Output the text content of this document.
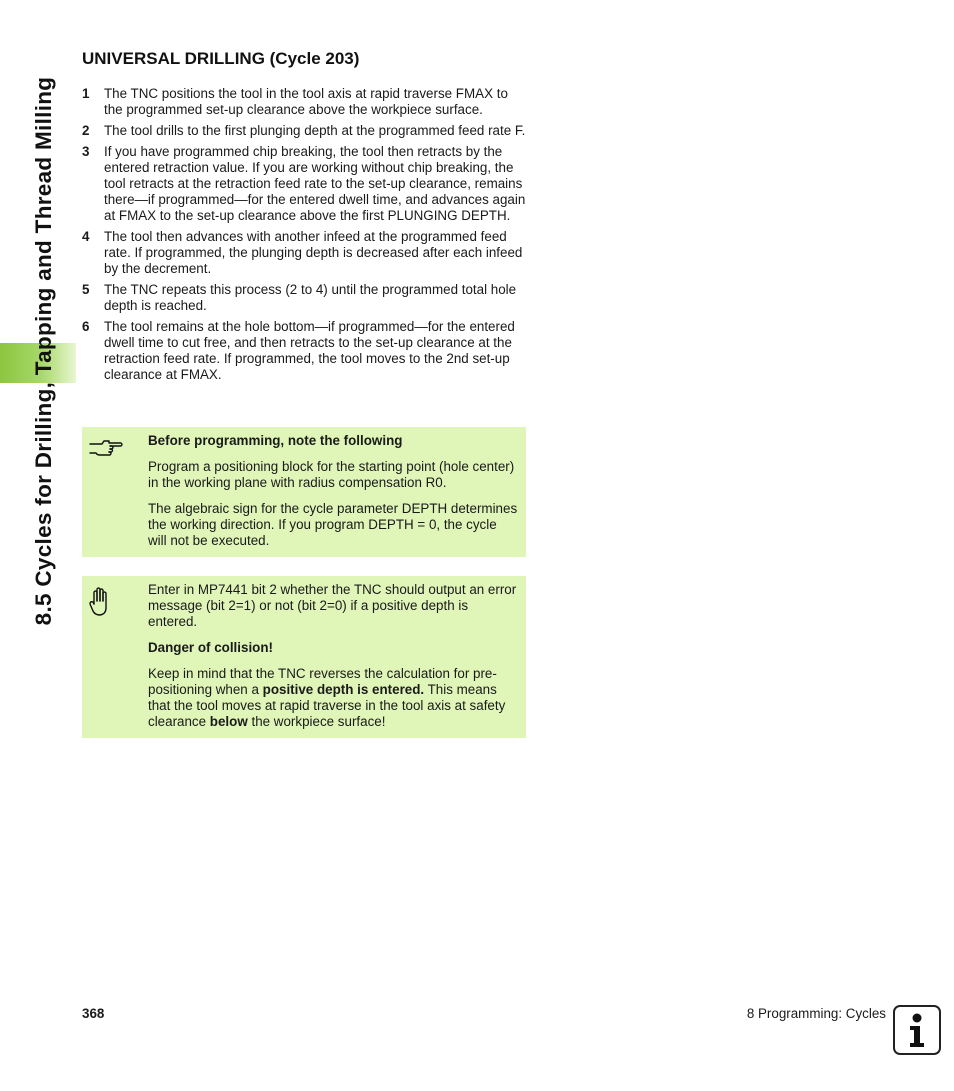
8.5 Cycles for Drilling, Tapping and Thread Milling
UNIVERSAL DRILLING (Cycle 203)
1	The TNC positions the tool in the tool axis at rapid traverse FMAX to the programmed set-up clearance above the workpiece surface.
2	The tool drills to the first plunging depth at the programmed feed rate F.
3	If you have programmed chip breaking, the tool then retracts by the entered retraction value. If you are working without chip breaking, the tool retracts at the retraction feed rate to the set-up clearance, remains there—if programmed—for the entered dwell time, and advances again at FMAX to the set-up clearance above the first PLUNGING DEPTH.
4	The tool then advances with another infeed at the programmed feed rate. If programmed, the plunging depth is decreased after each infeed by the decrement.
5	The TNC repeats this process (2 to 4) until the programmed total hole depth is reached.
6	The tool remains at the hole bottom—if programmed—for the entered dwell time to cut free, and then retracts to the set-up clearance at the retraction feed rate. If programmed, the tool moves to the 2nd set-up clearance at FMAX.

Before programming, note the following

Program a positioning block for the starting point (hole center) in the working plane with radius compensation R0.

The algebraic sign for the cycle parameter DEPTH determines the working direction. If you program DEPTH = 0, the cycle will not be executed.

Enter in MP7441 bit 2 whether the TNC should output an error message (bit 2=1) or not (bit 2=0) if a positive depth is entered.

Danger of collision!

Keep in mind that the TNC reverses the calculation for pre-positioning when a positive depth is entered. This means that the tool moves at rapid traverse in the tool axis at safety clearance below the workpiece surface!

368	8 Programming: Cycles
